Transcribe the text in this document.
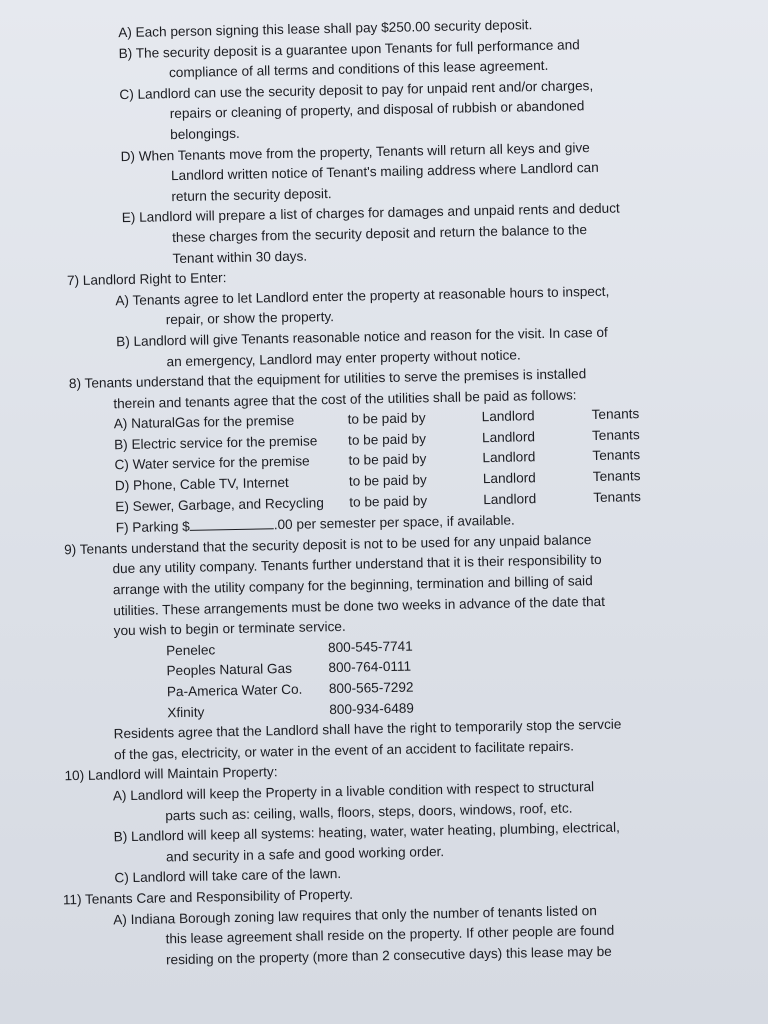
A) Each person signing this lease shall pay $250.00 security deposit.
B) The security deposit is a guarantee upon Tenants for full performance and
compliance of all terms and conditions of this lease agreement.
C) Landlord can use the security deposit to pay for unpaid rent and/or charges,
repairs or cleaning of property, and disposal of rubbish or abandoned
belongings.
D) When Tenants move from the property, Tenants will return all keys and give
Landlord written notice of Tenant's mailing address where Landlord can
return the security deposit.
E) Landlord will prepare a list of charges for damages and unpaid rents and deduct
these charges from the security deposit and return the balance to the
Tenant within 30 days.
7) Landlord Right to Enter:
A) Tenants agree to let Landlord enter the property at reasonable hours to inspect,
repair, or show the property.
B) Landlord will give Tenants reasonable notice and reason for the visit. In case of
an emergency, Landlord may enter property without notice.
8) Tenants understand that the equipment for utilities to serve the premises is installed
therein and tenants agree that the cost of the utilities shall be paid as follows:
A) NaturalGas for the premise	to be paid by	Landlord	Tenants
B) Electric service for the premise	to be paid by	Landlord	Tenants
C) Water service for the premise	to be paid by	Landlord	Tenants
D) Phone, Cable TV, Internet	to be paid by	Landlord	Tenants
E) Sewer, Garbage, and Recycling	to be paid by	Landlord	Tenants
F) Parking $	.00 per semester per space, if available.
9) Tenants understand that the security deposit is not to be used for any unpaid balance
due any utility company. Tenants further understand that it is their responsibility to
arrange with the utility company for the beginning, termination and billing of said
utilities. These arrangements must be done two weeks in advance of the date that
you wish to begin or terminate service.
Penelec	800-545-7741
Peoples Natural Gas	800-764-0111
Pa-America Water Co.	800-565-7292
Xfinity	800-934-6489
Residents agree that the Landlord shall have the right to temporarily stop the servcie
of the gas, electricity, or water in the event of an accident to facilitate repairs.
10) Landlord will Maintain Property:
A) Landlord will keep the Property in a livable condition with respect to structural
parts such as: ceiling, walls, floors, steps, doors, windows, roof, etc.
B) Landlord will keep all systems: heating, water, water heating, plumbing, electrical,
and security in a safe and good working order.
C) Landlord will take care of the lawn.
11) Tenants Care and Responsibility of Property.
A) Indiana Borough zoning law requires that only the number of tenants listed on
this lease agreement shall reside on the property. If other people are found
residing on the property (more than 2 consecutive days) this lease may be
